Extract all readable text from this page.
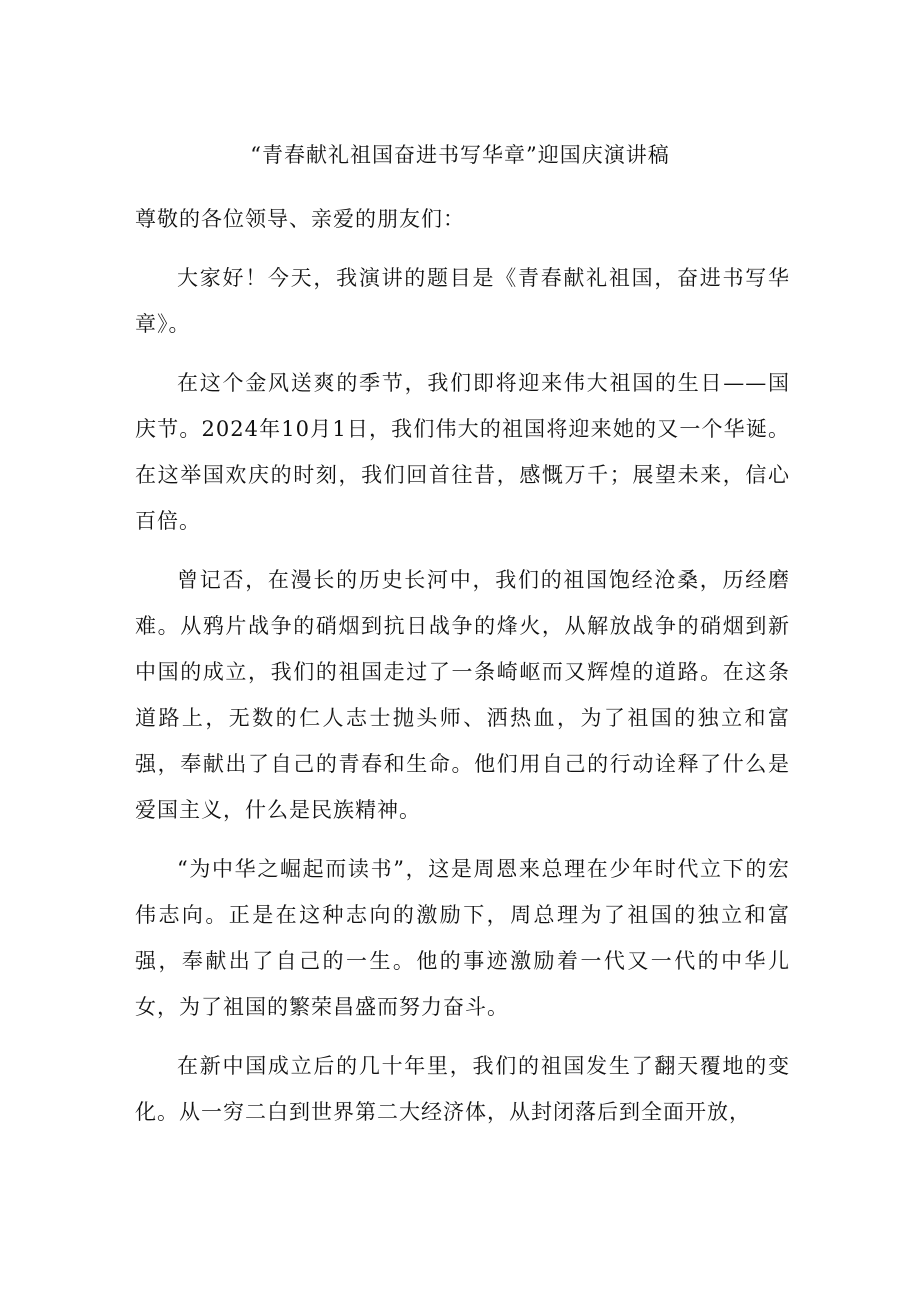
“青春献礼祖国奋进书写华章”迎国庆演讲稿

尊敬的各位领导、亲爱的朋友们：

大家好！今天，我演讲的题目是《青春献礼祖国，奋进书写华章》。

在这个金风送爽的季节，我们即将迎来伟大祖国的生日——国庆节。2024年10月1日，我们伟大的祖国将迎来她的又一个华诞。在这举国欢庆的时刻，我们回首往昔，感慨万千；展望未来，信心百倍。

曾记否，在漫长的历史长河中，我们的祖国饱经沧桑，历经磨难。从鸦片战争的硝烟到抗日战争的烽火，从解放战争的硝烟到新中国的成立，我们的祖国走过了一条崎岖而又辉煌的道路。在这条道路上，无数的仁人志士抛头师、洒热血，为了祖国的独立和富强，奉献出了自己的青春和生命。他们用自己的行动诠释了什么是爱国主义，什么是民族精神。

“为中华之崛起而读书”，这是周恩来总理在少年时代立下的宏伟志向。正是在这种志向的激励下，周总理为了祖国的独立和富强，奉献出了自己的一生。他的事迹激励着一代又一代的中华儿女，为了祖国的繁荣昌盛而努力奋斗。

在新中国成立后的几十年里，我们的祖国发生了翻天覆地的变化。从一穷二白到世界第二大经济体，从封闭落后到全面开放，
